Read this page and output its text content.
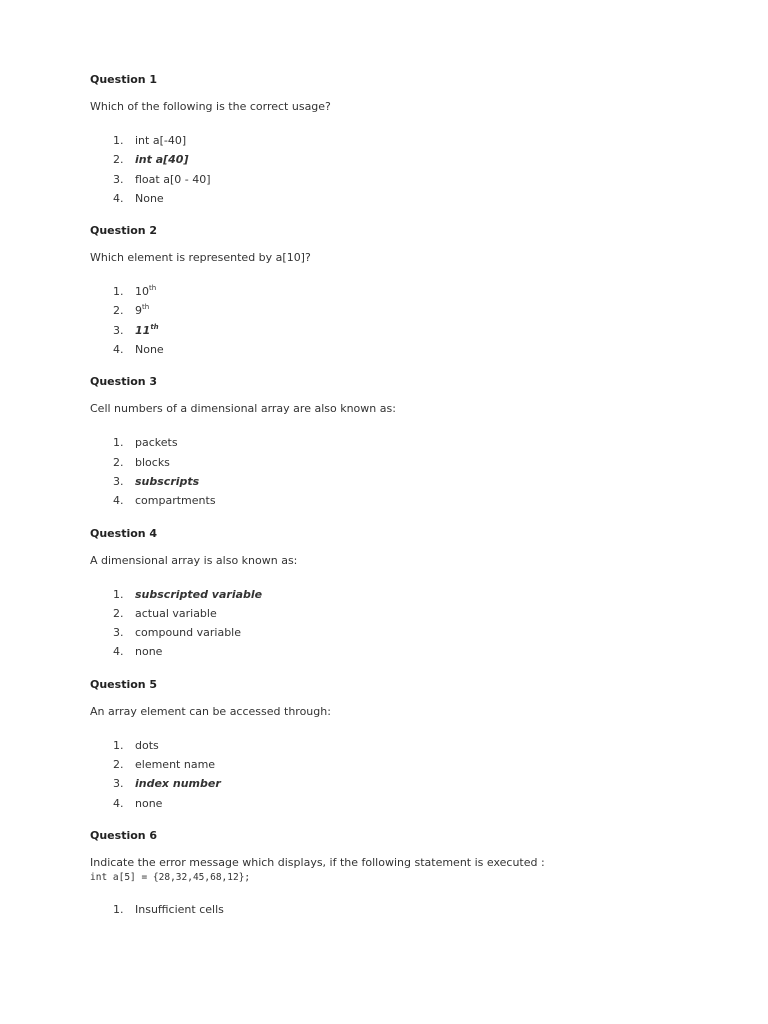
Question 1

Which of the following is the correct usage?

1. int a[-40]
2. int a[40]
3. float a[0 - 40]
4. None

Question 2

Which element is represented by a[10]?

1. 10th
2. 9th
3. 11th
4. None

Question 3

Cell numbers of a dimensional array are also known as:

1. packets
2. blocks
3. subscripts
4. compartments

Question 4

A dimensional array is also known as:

1. subscripted variable
2. actual variable
3. compound variable
4. none

Question 5

An array element can be accessed through:

1. dots
2. element name
3. index number
4. none

Question 6

Indicate the error message which displays, if the following statement is executed :

int a[5] = {28,32,45,68,12};

1. Insufficient cells
